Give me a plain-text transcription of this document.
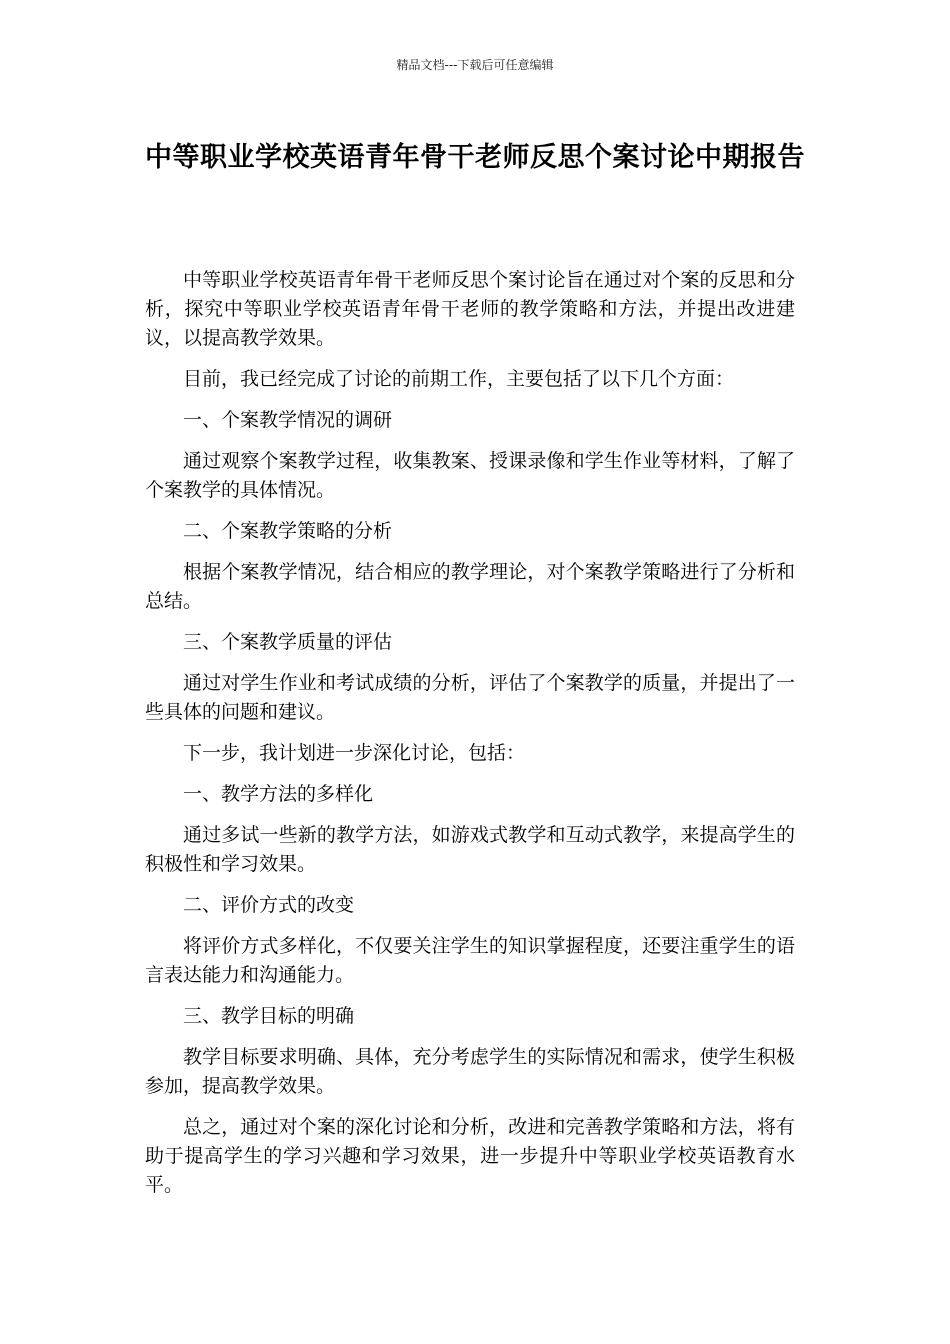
精品文档---下载后可任意编辑
中等职业学校英语青年骨干老师反思个案讨论中期报告

中等职业学校英语青年骨干老师反思个案讨论旨在通过对个案的反思和分析，探究中等职业学校英语青年骨干老师的教学策略和方法，并提出改进建议，以提高教学效果。

目前，我已经完成了讨论的前期工作，主要包括了以下几个方面：

一、个案教学情况的调研

通过观察个案教学过程，收集教案、授课录像和学生作业等材料，了解了个案教学的具体情况。

二、个案教学策略的分析

根据个案教学情况，结合相应的教学理论，对个案教学策略进行了分析和总结。

三、个案教学质量的评估

通过对学生作业和考试成绩的分析，评估了个案教学的质量，并提出了一些具体的问题和建议。

下一步，我计划进一步深化讨论，包括：

一、教学方法的多样化

通过多试一些新的教学方法，如游戏式教学和互动式教学，来提高学生的积极性和学习效果。

二、评价方式的改变

将评价方式多样化，不仅要关注学生的知识掌握程度，还要注重学生的语言表达能力和沟通能力。

三、教学目标的明确

教学目标要求明确、具体，充分考虑学生的实际情况和需求，使学生积极参加，提高教学效果。

总之，通过对个案的深化讨论和分析，改进和完善教学策略和方法，将有助于提高学生的学习兴趣和学习效果，进一步提升中等职业学校英语教育水平。
